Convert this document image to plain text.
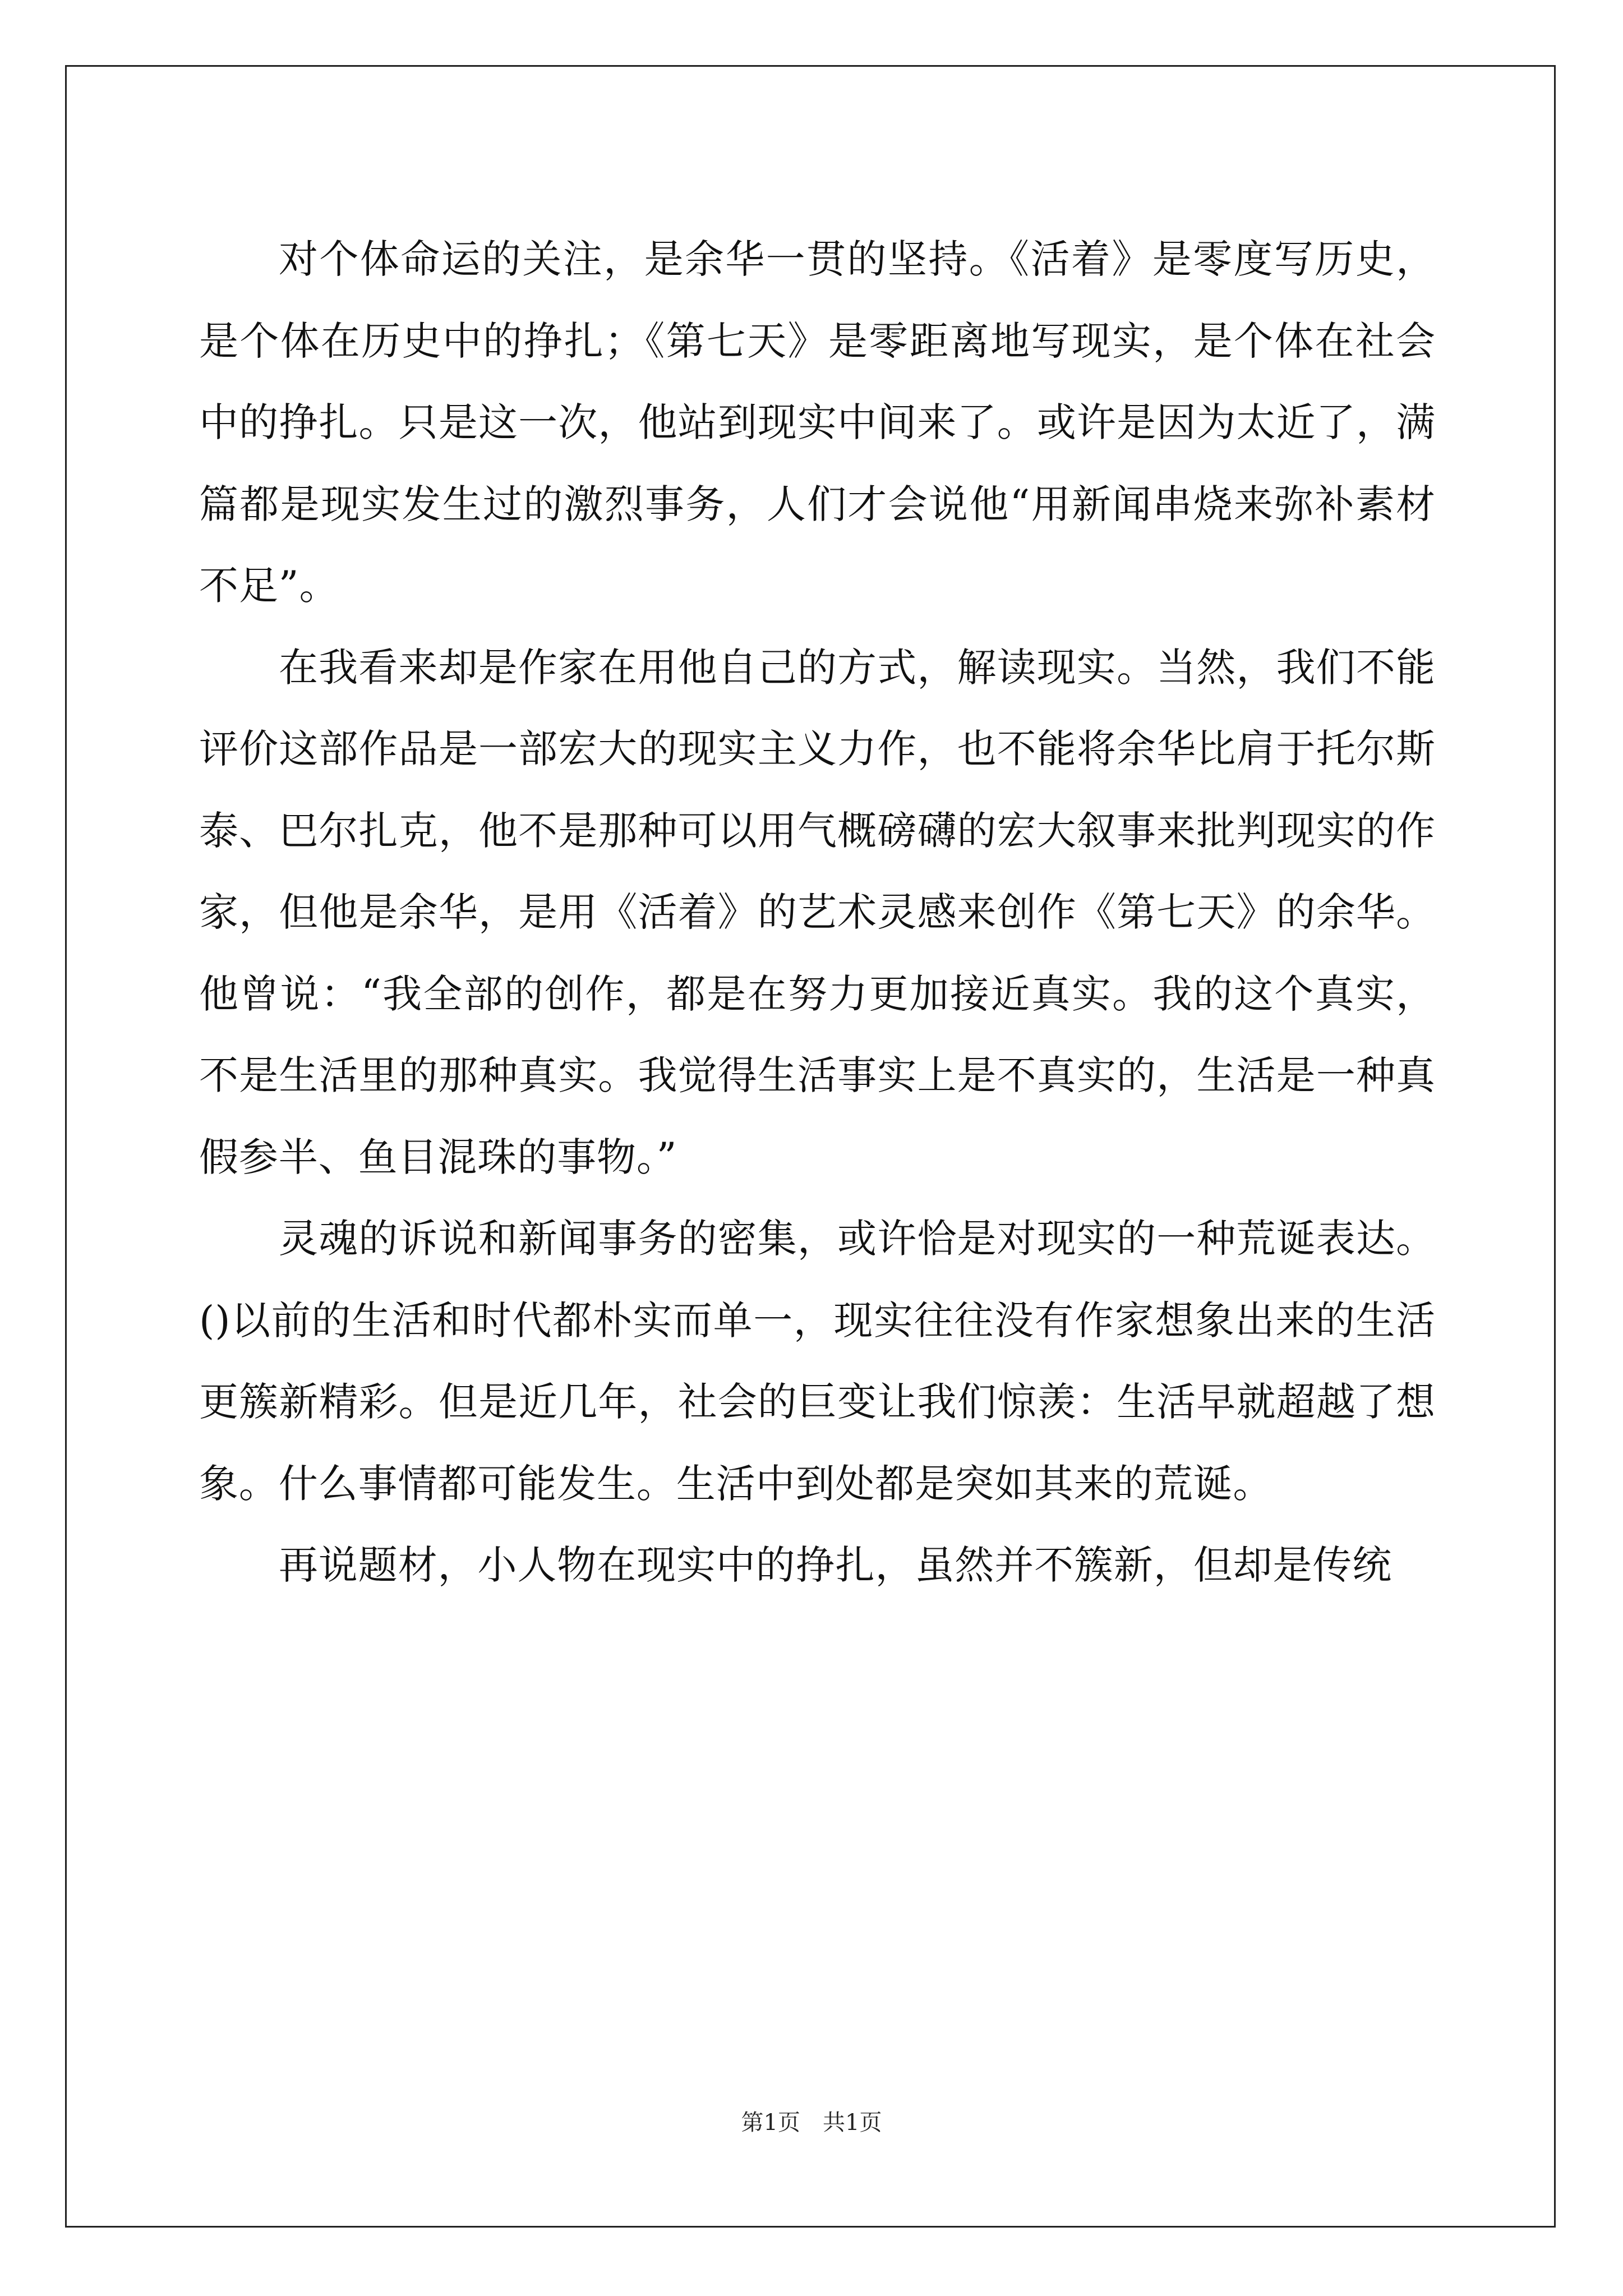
对个体命运的关注，是余华一贯的坚持。《活着》是零度写历史，是个体在历史中的挣扎；《第七天》是零距离地写现实，是个体在社会中的挣扎。只是这一次，他站到现实中间来了。或许是因为太近了，满篇都是现实发生过的激烈事务，人们才会说他“用新闻串烧来弥补素材不足”。

在我看来却是作家在用他自己的方式，解读现实。当然，我们不能评价这部作品是一部宏大的现实主义力作，也不能将余华比肩于托尔斯泰、巴尔扎克，他不是那种可以用气概磅礴的宏大叙事来批判现实的作家，但他是余华，是用《活着》的艺术灵感来创作《第七天》的余华。他曾说：“我全部的创作，都是在努力更加接近真实。我的这个真实，不是生活里的那种真实。我觉得生活事实上是不真实的，生活是一种真假参半、鱼目混珠的事物。”

灵魂的诉说和新闻事务的密集，或许恰是对现实的一种荒诞表达。()以前的生活和时代都朴实而单一，现实往往没有作家想象出来的生活更簇新精彩。但是近几年，社会的巨变让我们惊羡：生活早就超越了想象。什么事情都可能发生。生活中到处都是突如其来的荒诞。

再说题材，小人物在现实中的挣扎，虽然并不簇新，但却是传统

第1页　共1页
